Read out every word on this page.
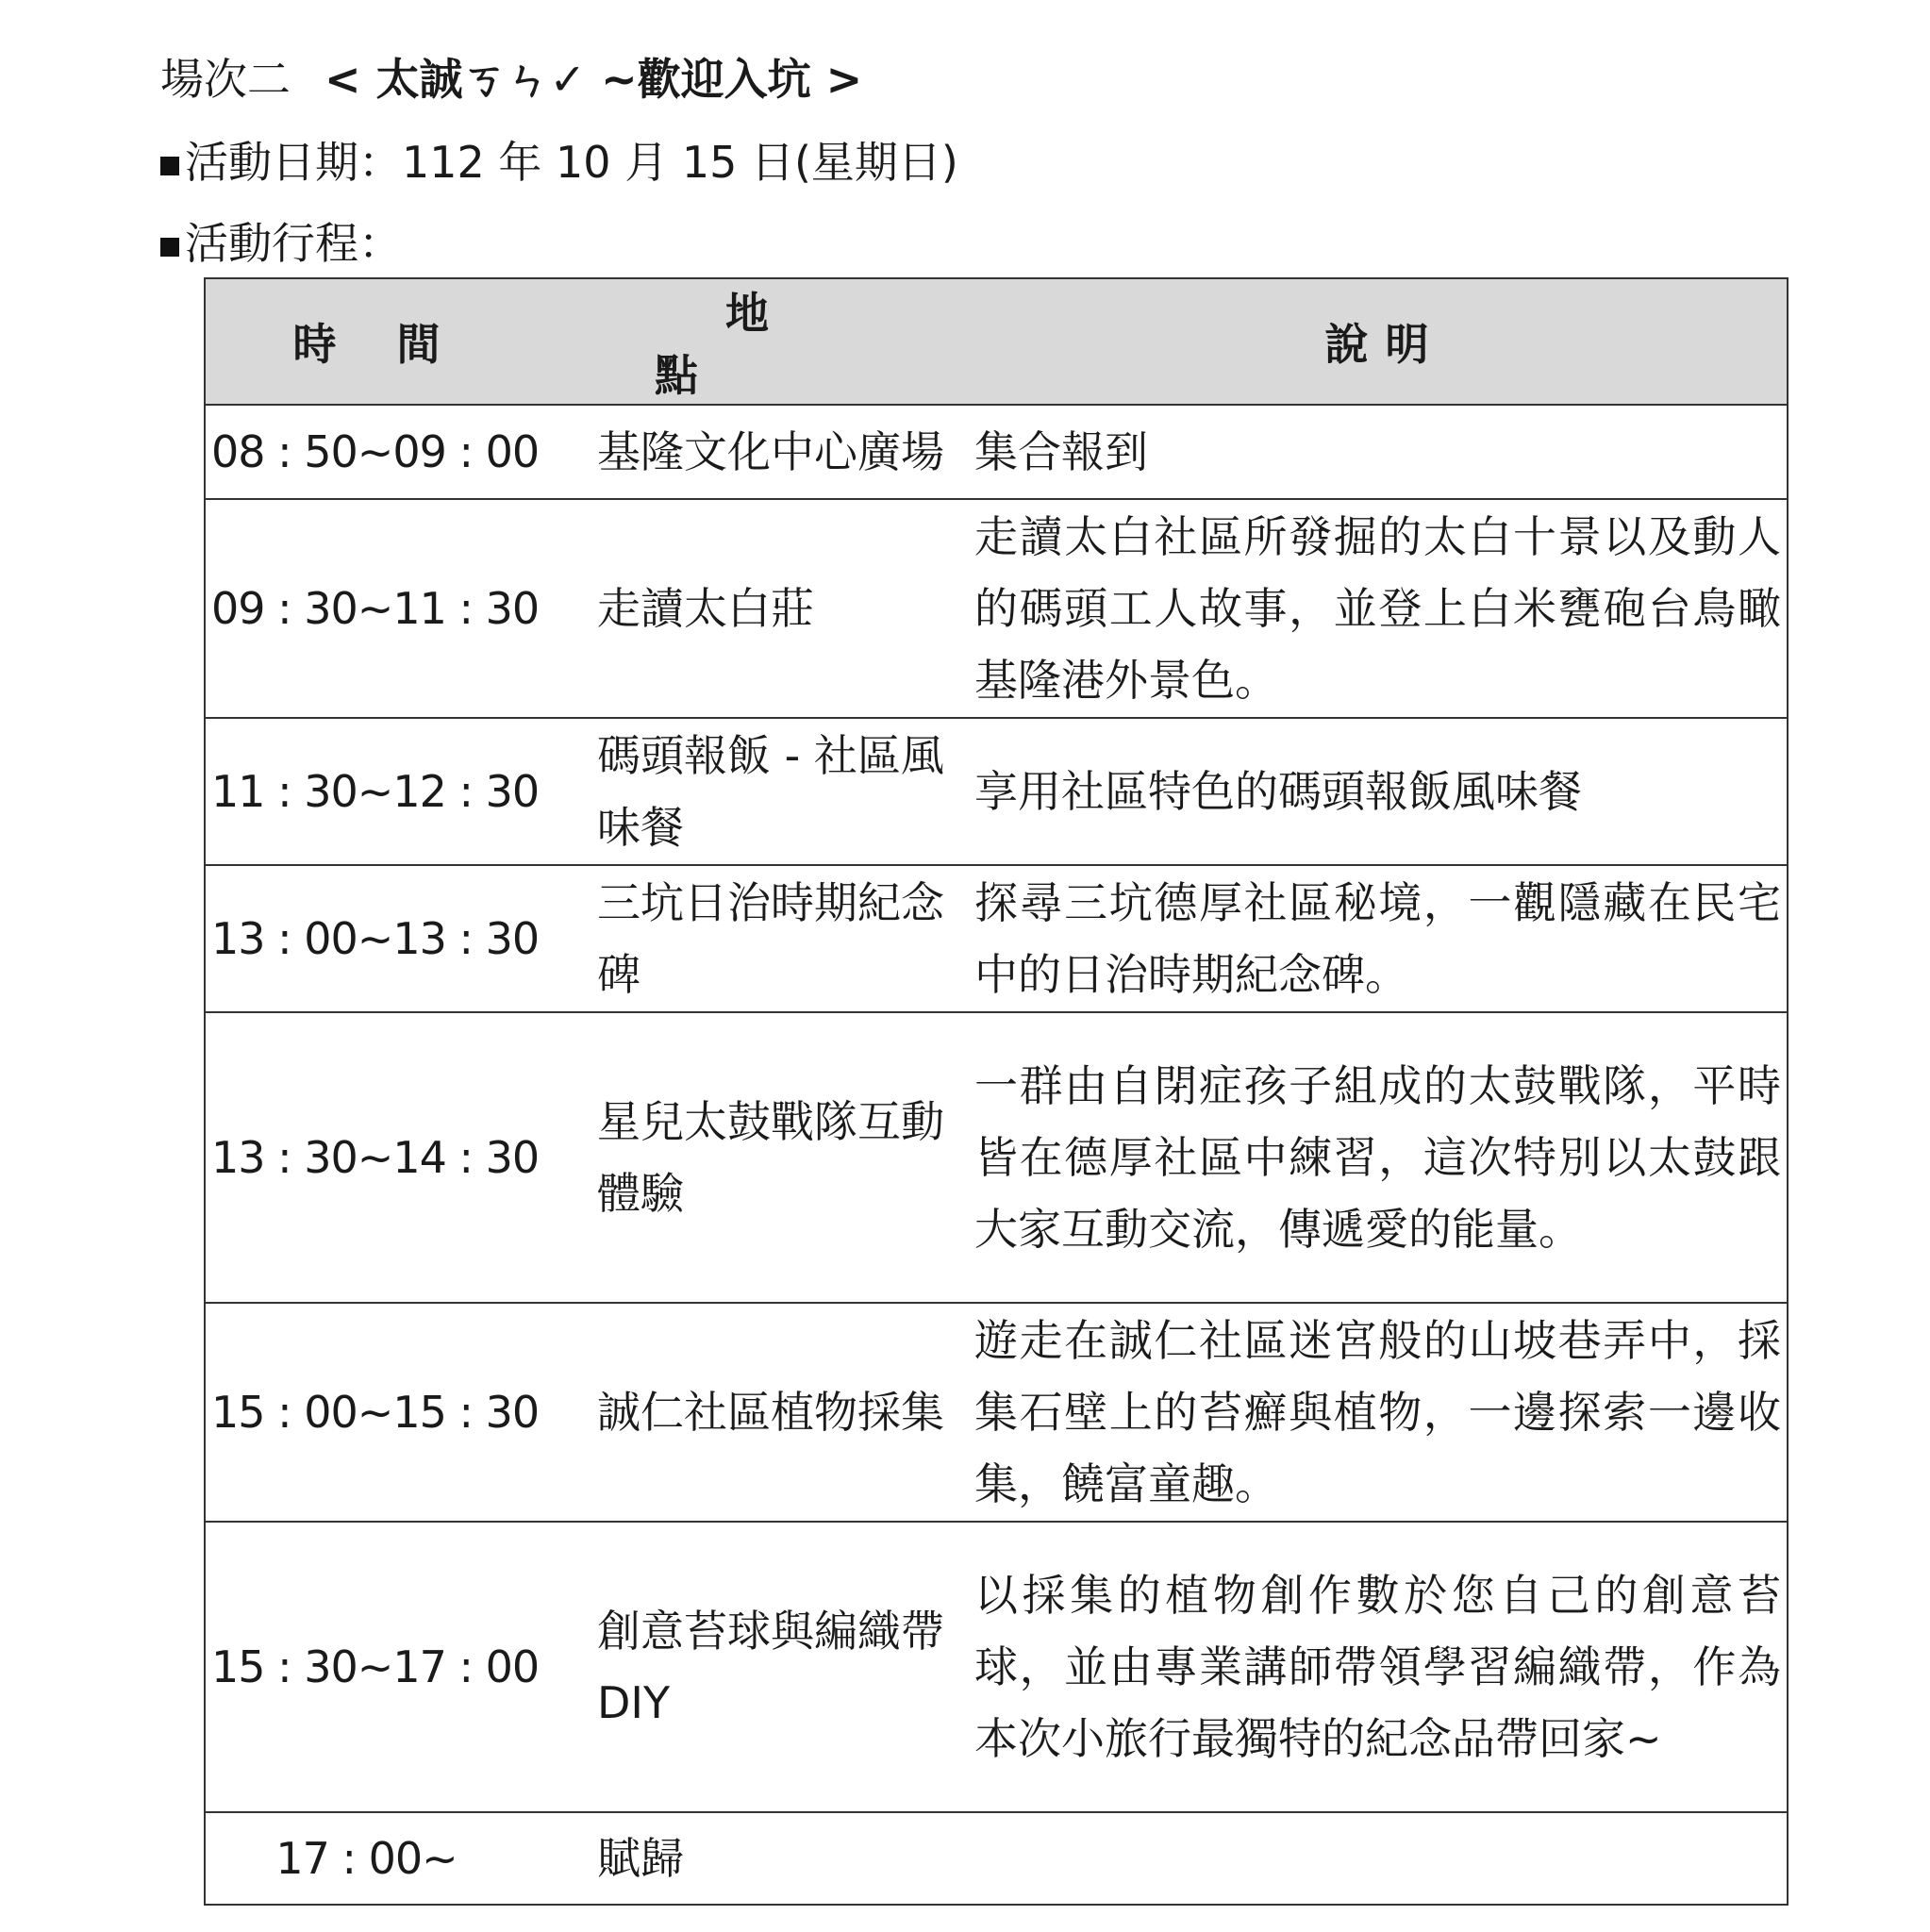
場次二 < 太誠ㄎㄣ✓ ~歡迎入坑 >
活動日期：112 年 10 月 15 日(星期日)
活動行程：
時間	地點	說明
08 : 50~09 : 00	基隆文化中心廣場	集合報到
09 : 30~11 : 30	走讀太白莊	走讀太白社區所發掘的太白十景以及動人的碼頭工人故事，並登上白米甕砲台鳥瞰基隆港外景色。
11 : 30~12 : 30	碼頭報飯 - 社區風味餐	享用社區特色的碼頭報飯風味餐
13 : 00~13 : 30	三坑日治時期紀念碑	探尋三坑德厚社區秘境，一觀隱藏在民宅中的日治時期紀念碑。
13 : 30~14 : 30	星兒太鼓戰隊互動體驗	一群由自閉症孩子組成的太鼓戰隊，平時皆在德厚社區中練習，這次特別以太鼓跟大家互動交流，傳遞愛的能量。
15 : 00~15 : 30	誠仁社區植物採集	遊走在誠仁社區迷宮般的山坡巷弄中，採集石壁上的苔癬與植物，一邊探索一邊收集，饒富童趣。
15 : 30~17 : 00	創意苔球與編織帶 DIY	以採集的植物創作數於您自己的創意苔球，並由專業講師帶領學習編織帶，作為本次小旅行最獨特的紀念品帶回家~
17 : 00~	賦歸	
